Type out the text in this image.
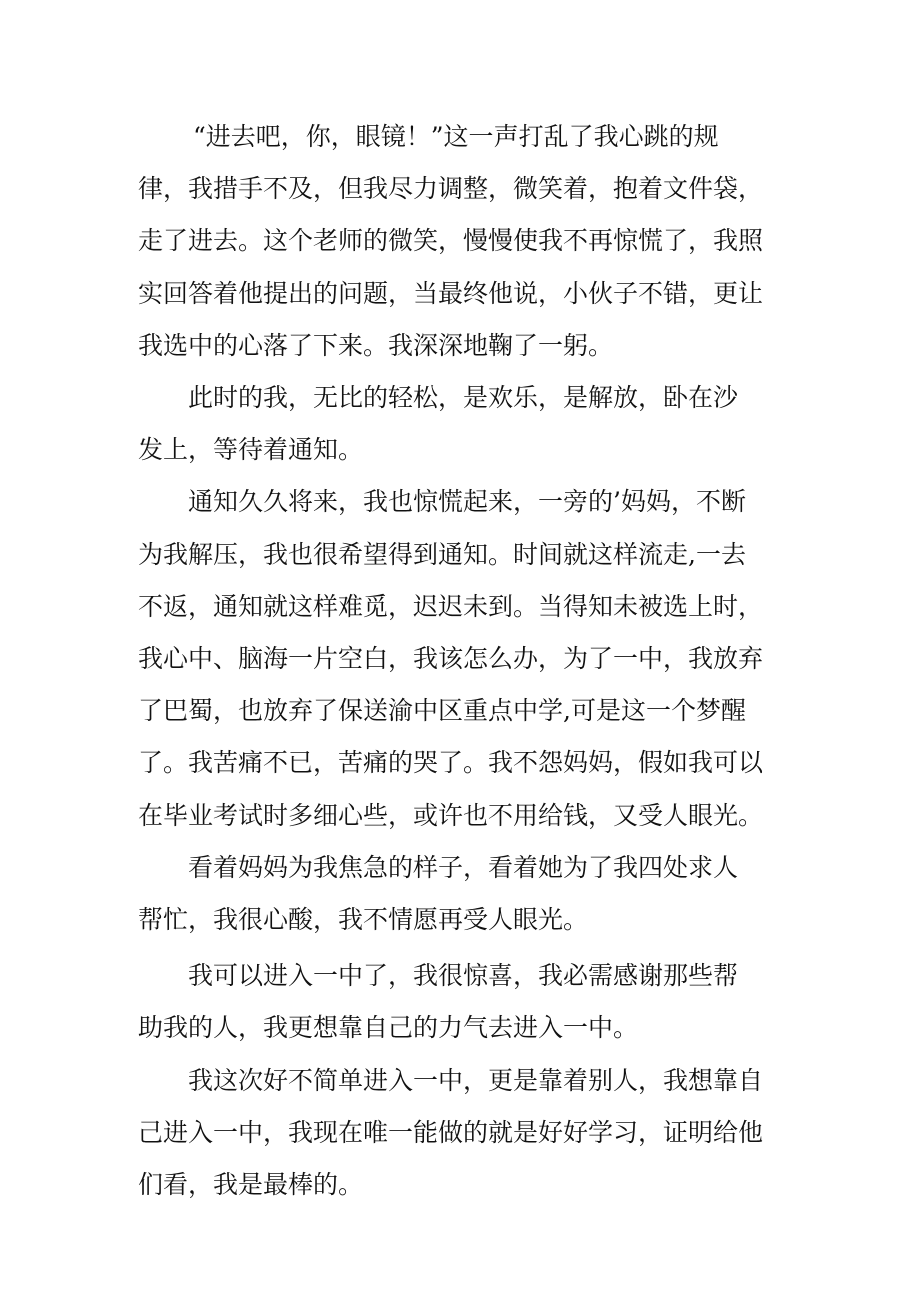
“进去吧，你，眼镜！”这一声打乱了我心跳的规
律，我措手不及，但我尽力调整，微笑着，抱着文件袋，
走了进去。这个老师的微笑，慢慢使我不再惊慌了，我照
实回答着他提出的问题，当最终他说，小伙子不错，更让
我选中的心落了下来。我深深地鞠了一躬。

此时的我，无比的轻松，是欢乐，是解放，卧在沙
发上，等待着通知。

通知久久将来，我也惊慌起来，一旁的’妈妈，不断
为我解压，我也很希望得到通知。时间就这样流走,一去
不返，通知就这样难觅，迟迟未到。当得知未被选上时，
我心中、脑海一片空白，我该怎么办，为了一中，我放弃
了巴蜀，也放弃了保送渝中区重点中学,可是这一个梦醒
了。我苦痛不已，苦痛的哭了。我不怨妈妈，假如我可以
在毕业考试时多细心些，或许也不用给钱，又受人眼光。

看着妈妈为我焦急的样子，看着她为了我四处求人
帮忙，我很心酸，我不情愿再受人眼光。

我可以进入一中了，我很惊喜，我必需感谢那些帮
助我的人，我更想靠自己的力气去进入一中。

我这次好不简单进入一中，更是靠着别人，我想靠自
己进入一中，我现在唯一能做的就是好好学习，证明给他
们看，我是最棒的。
